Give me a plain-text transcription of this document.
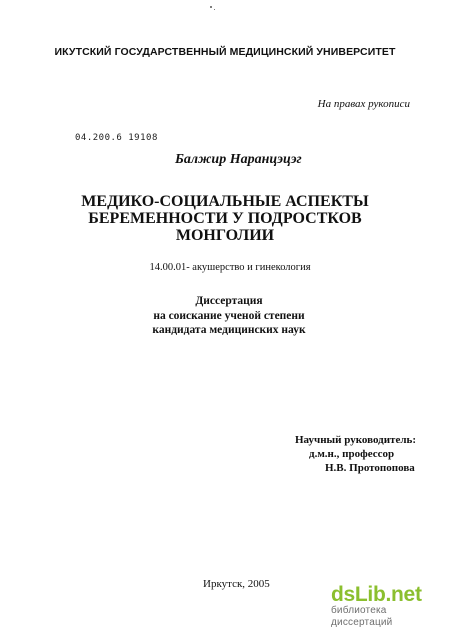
ИКУТСКИЙ ГОСУДАРСТВЕННЫЙ МЕДИЦИНСКИЙ УНИВЕРСИТЕТ

На правах рукописи

04.200.6 19108

Балжир Наранцэцэг

МЕДИКО-СОЦИАЛЬНЫЕ АСПЕКТЫ
БЕРЕМЕННОСТИ У ПОДРОСТКОВ
МОНГОЛИИ

14.00.01- акушерство и гинекология

Диссертация
на соискание ученой степени
кандидата медицинских наук
Научный руководитель:
д.м.н., профессор
Н.В. Протопопова

Иркутск, 2005	dsLib.net
библиотека диссертаций
